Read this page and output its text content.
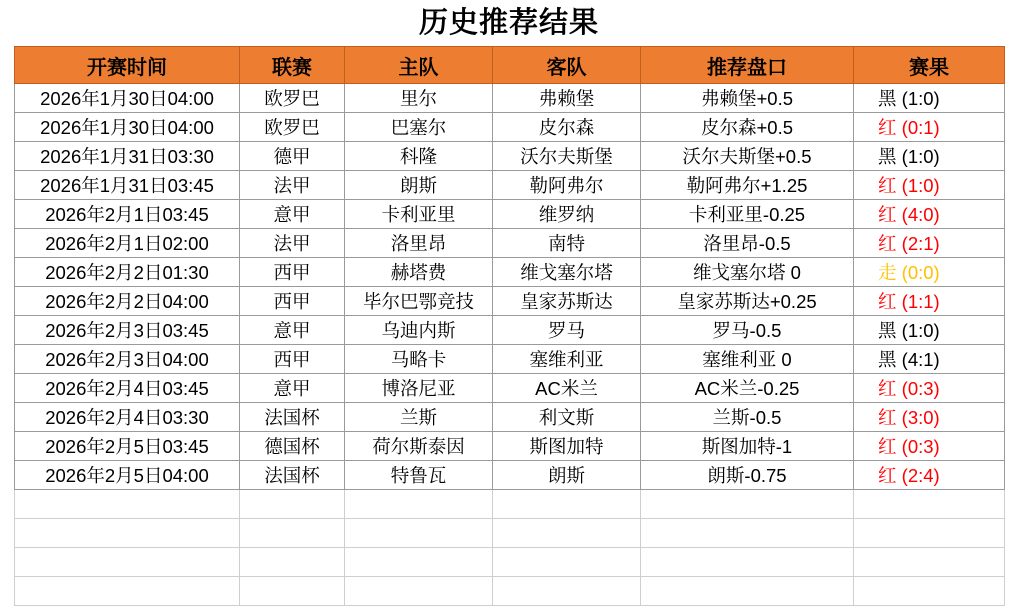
历史推荐结果
开赛时间	联赛	主队	客队	推荐盘口	赛果
2026年1月30日04:00	欧罗巴	里尔	弗赖堡	弗赖堡+0.5	黑 (1:0)
2026年1月30日04:00	欧罗巴	巴塞尔	皮尔森	皮尔森+0.5	红 (0:1)
2026年1月31日03:30	德甲	科隆	沃尔夫斯堡	沃尔夫斯堡+0.5	黑 (1:0)
2026年1月31日03:45	法甲	朗斯	勒阿弗尔	勒阿弗尔+1.25	红 (1:0)
2026年2月1日03:45	意甲	卡利亚里	维罗纳	卡利亚里-0.25	红 (4:0)
2026年2月1日02:00	法甲	洛里昂	南特	洛里昂-0.5	红 (2:1)
2026年2月2日01:30	西甲	赫塔费	维戈塞尔塔	维戈塞尔塔 0	走 (0:0)
2026年2月2日04:00	西甲	毕尔巴鄂竞技	皇家苏斯达	皇家苏斯达+0.25	红 (1:1)
2026年2月3日03:45	意甲	乌迪内斯	罗马	罗马-0.5	黑 (1:0)
2026年2月3日04:00	西甲	马略卡	塞维利亚	塞维利亚 0	黑 (4:1)
2026年2月4日03:45	意甲	博洛尼亚	AC米兰	AC米兰-0.25	红 (0:3)
2026年2月4日03:30	法国杯	兰斯	利文斯	兰斯-0.5	红 (3:0)
2026年2月5日03:45	德国杯	荷尔斯泰因	斯图加特	斯图加特-1	红 (0:3)
2026年2月5日04:00	法国杯	特鲁瓦	朗斯	朗斯-0.75	红 (2:4)
